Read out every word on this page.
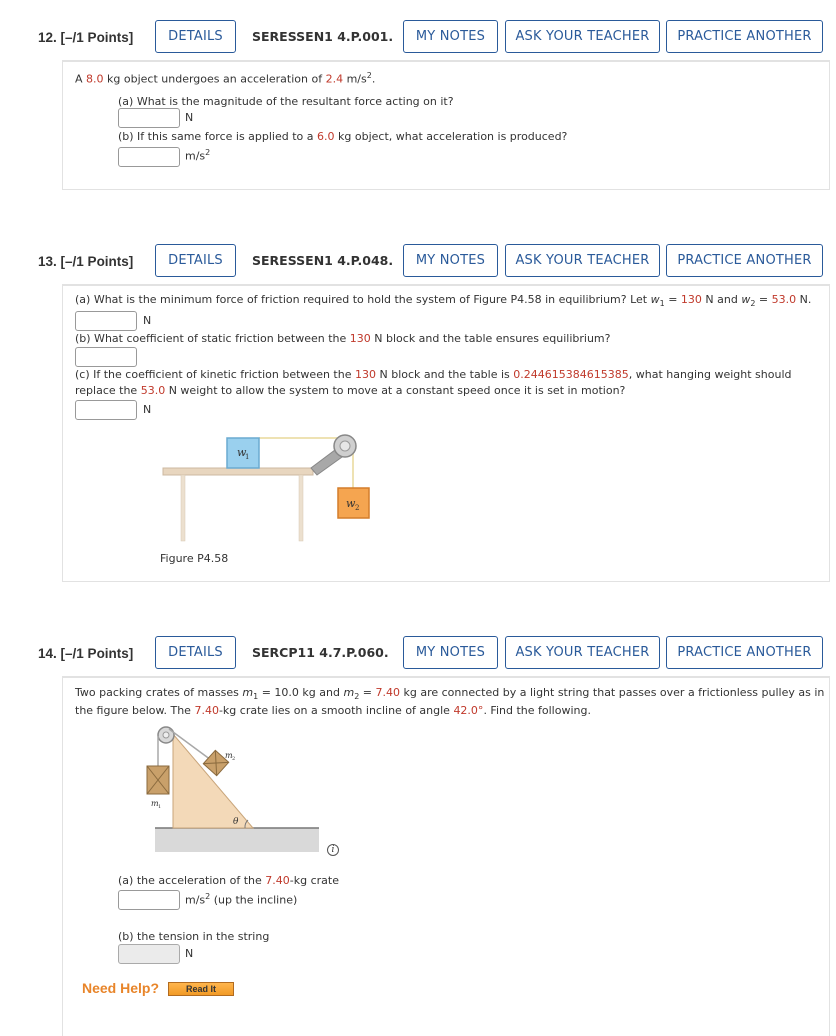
12. [–/1 Points]	DETAILS	SERESSEN1 4.P.001.	MY NOTES	ASK YOUR TEACHER	PRACTICE ANOTHER
A 8.0 kg object undergoes an acceleration of 2.4 $m/s^2$.
(a) What is the magnitude of the resultant force acting on it?
N
(b) If this same force is applied to a 6.0 kg object, what acceleration is produced?
$m/s^2$
13. [–/1 Points]	DETAILS	SERESSEN1 4.P.048.	MY NOTES	ASK YOUR TEACHER	PRACTICE ANOTHER
(a) What is the minimum force of friction required to hold the system of Figure P4.58 in equilibrium? Let $w_1 = 130$ N and $w_2 = 53.0$ N.
N
(b) What coefficient of static friction between the 130 N block and the table ensures equilibrium?
(c) If the coefficient of kinetic friction between the 130 N block and the table is 0.244615384615385, what hanging weight should
replace the 53.0 N weight to allow the system to move at a constant speed once it is set in motion?
N
w
1
w 2
Figure P4.58
14. [–/1 Points]	DETAILS	SERCP11 4.7.P.060.	MY NOTES	ASK YOUR TEACHER	PRACTICE ANOTHER
Two packing crates of masses $m_1 = 10.0$ kg and $m_2 = 7.40$ kg are connected by a light string that passes over a frictionless pulley as in
the figure below. The 7.40-kg crate lies on a smooth incline of angle 42.0°. Find the following.
θ
m 1
m 2
i
(a) the acceleration of the 7.40-kg crate
$m/s^2$ (up the incline)
(b) the tension in the string
N
Need Help?	Read It
